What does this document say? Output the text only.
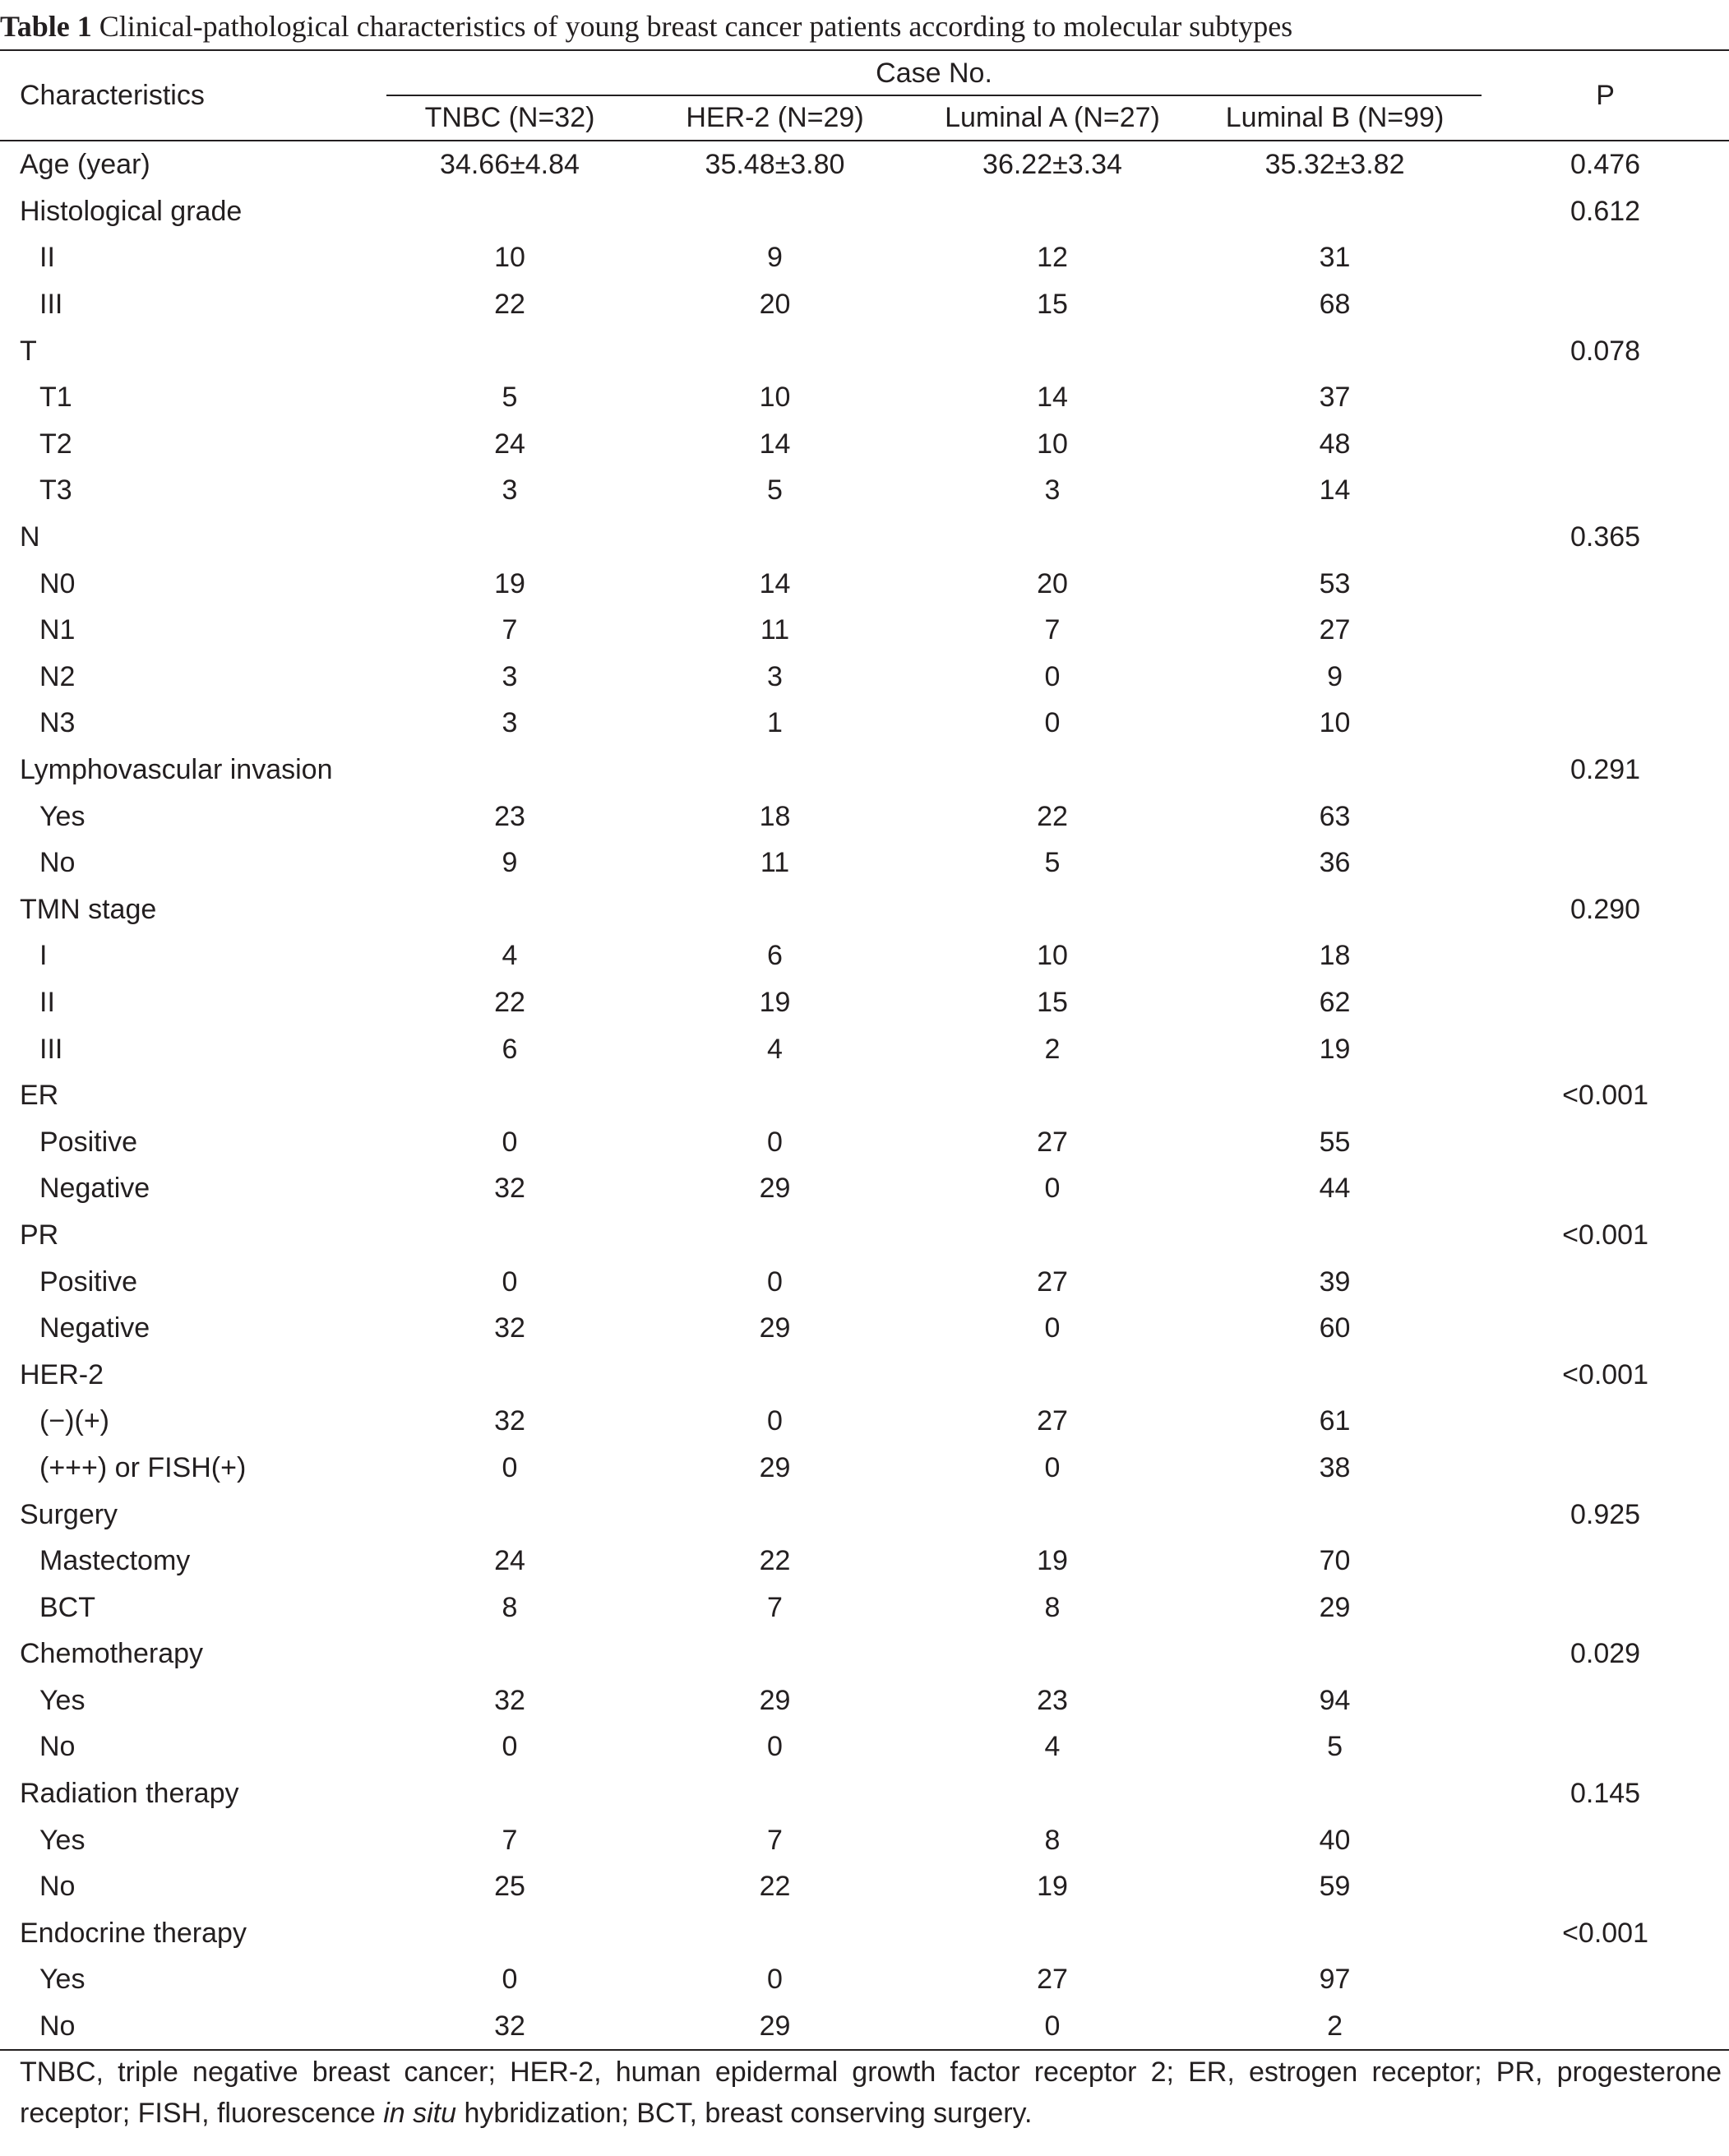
Table 1 Clinical-pathological characteristics of young breast cancer patients according to molecular subtypes
Characteristics	Case No.				P
	TNBC (N=32)	HER-2 (N=29)	Luminal A (N=27)	Luminal B (N=99)	

Age (year)	34.66±4.84	35.48±3.80	36.22±3.34	35.32±3.82	0.476
Histological grade					0.612
II	10	9	12	31	
III	22	20	15	68	
T					0.078
T1	5	10	14	37	
T2	24	14	10	48	
T3	3	5	3	14	
N					0.365
N0	19	14	20	53	
N1	7	11	7	27	
N2	3	3	0	9	
N3	3	1	0	10	
Lymphovascular invasion					0.291
Yes	23	18	22	63	
No	9	11	5	36	
TMN stage					0.290
I	4	6	10	18	
II	22	19	15	62	
III	6	4	2	19	
ER					<0.001
Positive	0	0	27	55	
Negative	32	29	0	44	
PR					<0.001
Positive	0	0	27	39	
Negative	32	29	0	60	
HER-2					<0.001
(−)(+)	32	0	27	61	
(+++) or FISH(+)	0	29	0	38	
Surgery					0.925
Mastectomy	24	22	19	70	
BCT	8	7	8	29	
Chemotherapy					0.029
Yes	32	29	23	94	
No	0	0	4	5	
Radiation therapy					0.145
Yes	7	7	8	40	
No	25	22	19	59	
Endocrine therapy					<0.001
Yes	0	0	27	97	
No	32	29	0	2	
TNBC, triple negative breast cancer; HER-2, human epidermal growth factor receptor 2; ER, estrogen receptor; PR, progesterone receptor; FISH, fluorescence in situ hybridization; BCT, breast conserving surgery.
